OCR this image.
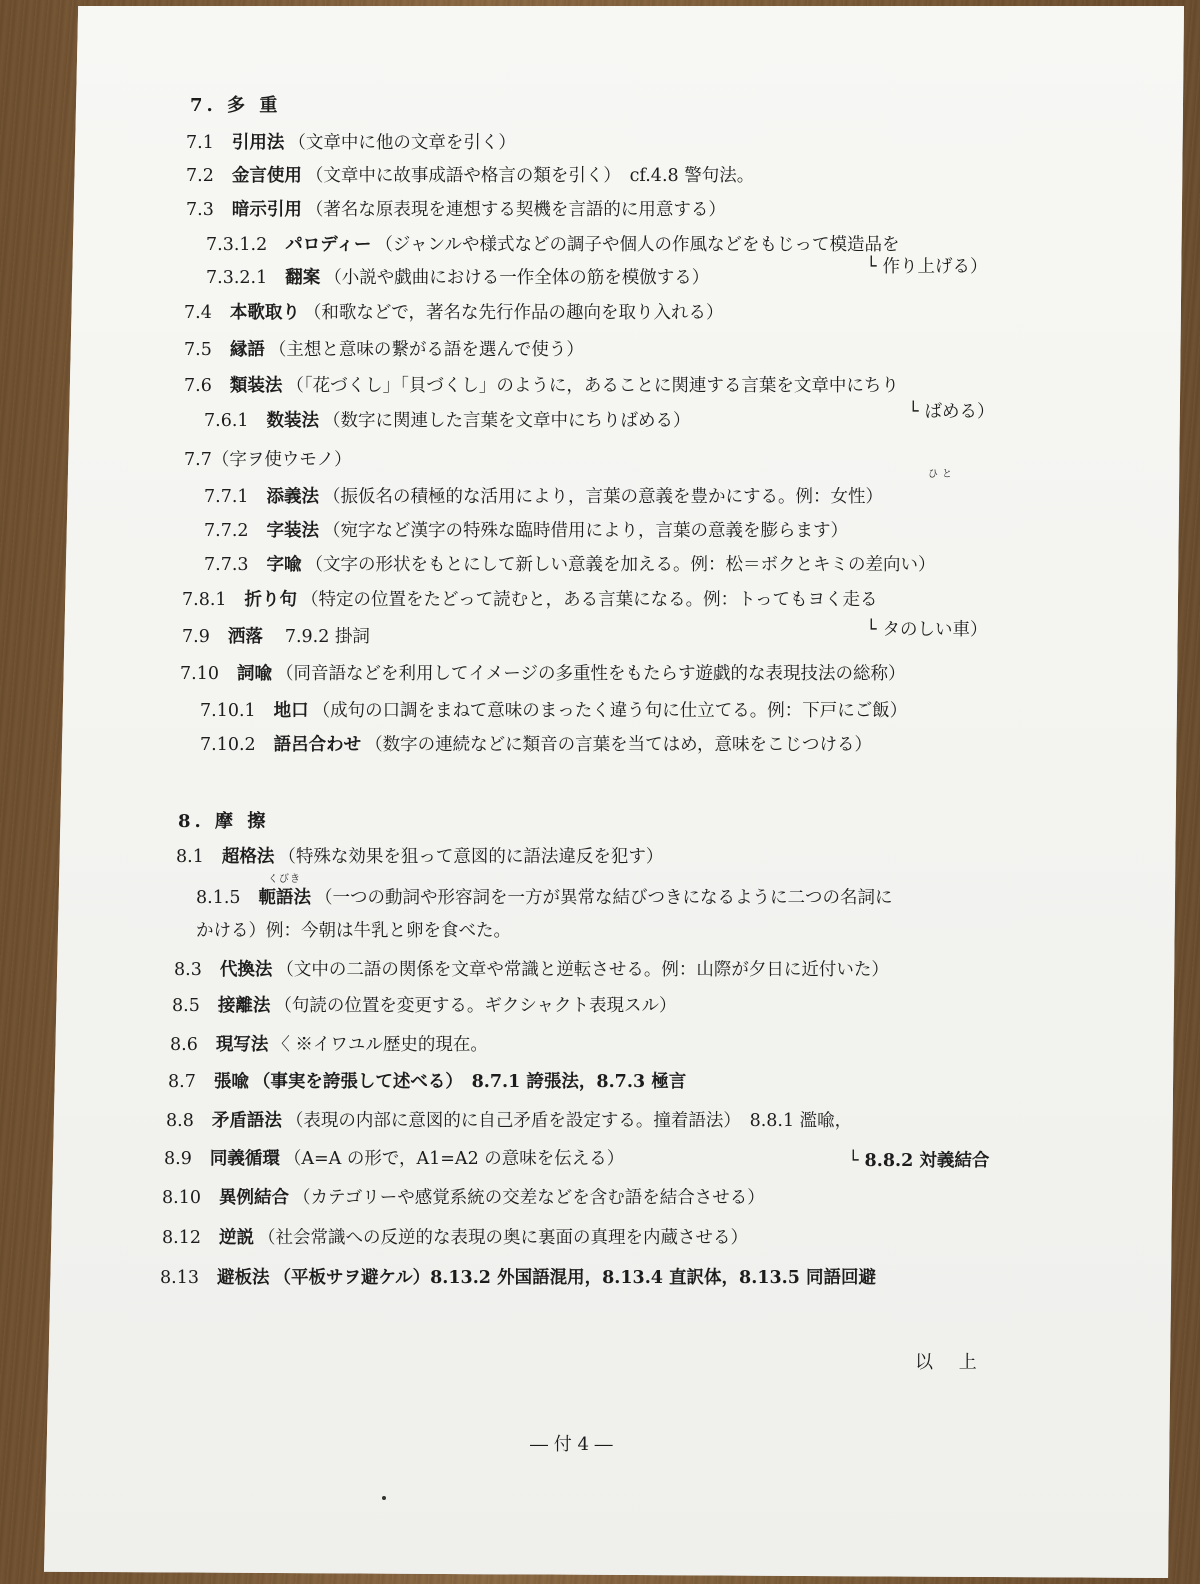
7. 多 重
7.1 引用法 （文章中に他の文章を引く）
7.2 金言使用 （文章中に故事成語や格言の類を引く）　cf.4.8 警句法。
7.3 暗示引用 （著名な原表現を連想する契機を言語的に用意する）
7.3.1.2 パロディー （ジャンルや様式などの調子や個人の作風などをもじって模造品を
7.3.2.1 翻案 （小説や戯曲における一作全体の筋を模倣する）
└ 作り上げる）
7.4 本歌取り （和歌などで，著名な先行作品の趣向を取り入れる）
7.5 縁語 （主想と意味の繋がる語を選んで使う）
7.6 類装法 （「花づくし」「貝づくし」のように，あることに関連する言葉を文章中にちり
7.6.1 数装法 （数字に関連した言葉を文章中にちりばめる）	└ ばめる）
7.7（字ヲ使ウモノ）
7.7.1 添義法 （振仮名の積極的な活用により，言葉の意義を豊かにする。例：女性）
ひと
7.7.2 字装法 （宛字など漢字の特殊な臨時借用により，言葉の意義を膨らます）
7.7.3 字喩 （文字の形状をもとにして新しい意義を加える。例：松＝ボクとキミの差向い）
7.8.1 折り句 （特定の位置をたどって読むと，ある言葉になる。例：トってもヨく走る
└ タのしい車）
7.9 洒落 7.9.2 掛詞
7.10 詞喩 （同音語などを利用してイメージの多重性をもたらす遊戯的な表現技法の総称）
7.10.1 地口 （成句の口調をまねて意味のまったく違う句に仕立てる。例：下戸にご飯）
7.10.2 語呂合わせ （数字の連続などに類音の言葉を当てはめ，意味をこじつける）
8. 摩 擦
8.1 超格法 （特殊な効果を狙って意図的に語法違反を犯す）
くびき
8.1.5 軛語法 （一つの動詞や形容詞を一方が異常な結びつきになるように二つの名詞に
かける）例：今朝は牛乳と卵を食べた。
8.3 代換法 （文中の二語の関係を文章や常識と逆転させる。例：山際が夕日に近付いた）
8.5 接離法 （句読の位置を変更する。ギクシャクト表現スル）
8.6 現写法 〈 ※イワユル歴史的現在。
8.7 張喩 （事実を誇張して述べる）　8.7.1 誇張法，8.7.3 極言
8.8 矛盾語法 （表現の内部に意図的に自己矛盾を設定する。撞着語法）　8.8.1 濫喩，
8.9 同義循環 （A=A の形で，A1=A2 の意味を伝える）	└ 8.8.2 対義結合
8.10 異例結合 （カテゴリーや感覚系統の交差などを含む語を結合させる）
8.12 逆説 （社会常識への反逆的な表現の奥に裏面の真理を内蔵させる）
8.13 避板法 （平板サヲ避ケル）8.13.2 外国語混用，8.13.4 直訳体，8.13.5 同語回避
以 上
― 付 4 ―
